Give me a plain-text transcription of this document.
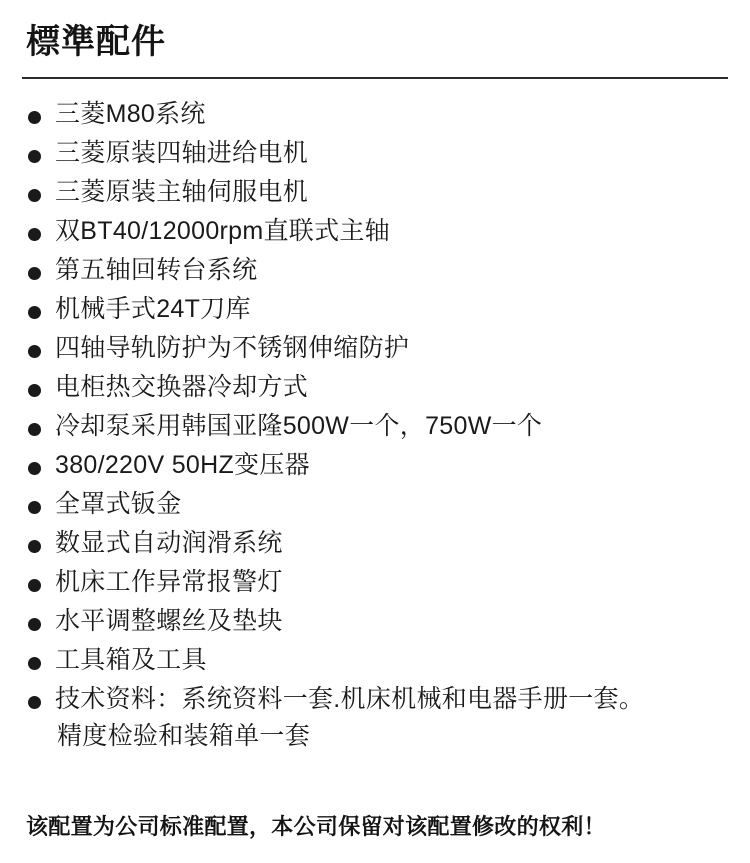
標準配件
三菱M80系统
三菱原装四轴进给电机
三菱原装主轴伺服电机
双BT40/12000rpm直联式主轴
第五轴回转台系统
机械手式24T刀库
四轴导轨防护为不锈钢伸缩防护
电柜热交换器冷却方式
冷却泵采用韩国亚隆500W一个，750W一个
380/220V 50HZ变压器
全罩式钣金
数显式自动润滑系统
机床工作异常报警灯
水平调整螺丝及垫块
工具箱及工具
技术资料：系统资料一套.机床机械和电器手册一套。
精度检验和装箱单一套
该配置为公司标准配置，本公司保留对该配置修改的权利！
